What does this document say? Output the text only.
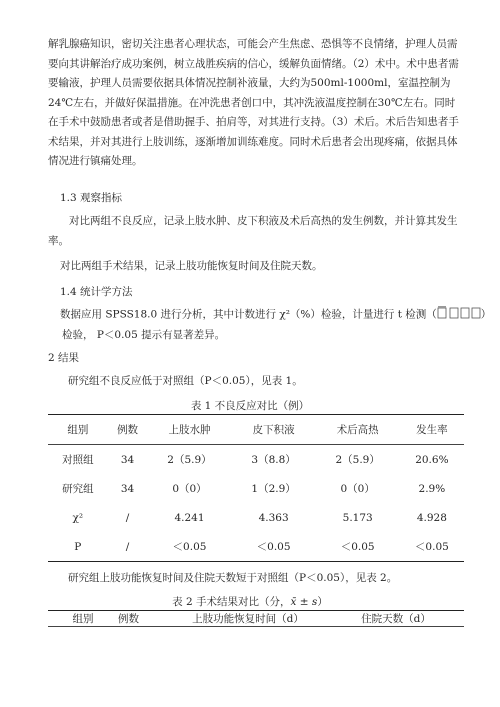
解乳腺癌知识，密切关注患者心理状态，可能会产生焦虑、恐惧等不良情绪，护理人员需要向其讲解治疗成功案例，树立战胜疾病的信心，缓解负面情绪。（2）术中。术中患者需要输液，护理人员需要依据具体情况控制补液量，大约为500ml-1000ml，室温控制为24℃左右，并做好保温措施。在冲洗患者创口中，其冲洗液温度控制在30℃左右。同时在手术中鼓励患者或者是借助握手、拍肩等，对其进行支持。（3）术后。术后告知患者手术结果，并对其进行上肢训练，逐渐增加训练难度。同时术后患者会出现疼痛，依据具体情况进行镇痛处理。

1.3 观察指标

对比两组不良反应，记录上肢水肿、皮下积液及术后高热的发生例数，并计算其发生率。

对比两组手术结果，记录上肢功能恢复时间及住院天数。
1.4 统计学方法
数据应用 SPSS18.0 进行分析，其中计数进行 χ²（%）检验，计量进行 t 检测（	）
检验， P＜0.05 提示有显著差异。
2 结果
研究组不良反应低于对照组（P＜0.05），见表 1。
表 1 不良反应对比（例）
组别	例数	上肢水肿	皮下积液	术后高热	发生率
对照组	34	2（5.9）	3（8.8）	2（5.9）	20.6%
研究组	34	0（0）	1（2.9）	0（0）	2.9%
χ²	/	4.241	4.363	5.173	4.928
P	/	＜0.05	＜0.05	＜0.05	＜0.05
研究组上肢功能恢复时间及住院天数短于对照组（P＜0.05），见表 2。
表 2 手术结果对比（分，x̄ ± s）
组别	例数	上肢功能恢复时间（d）	住院天数（d）
